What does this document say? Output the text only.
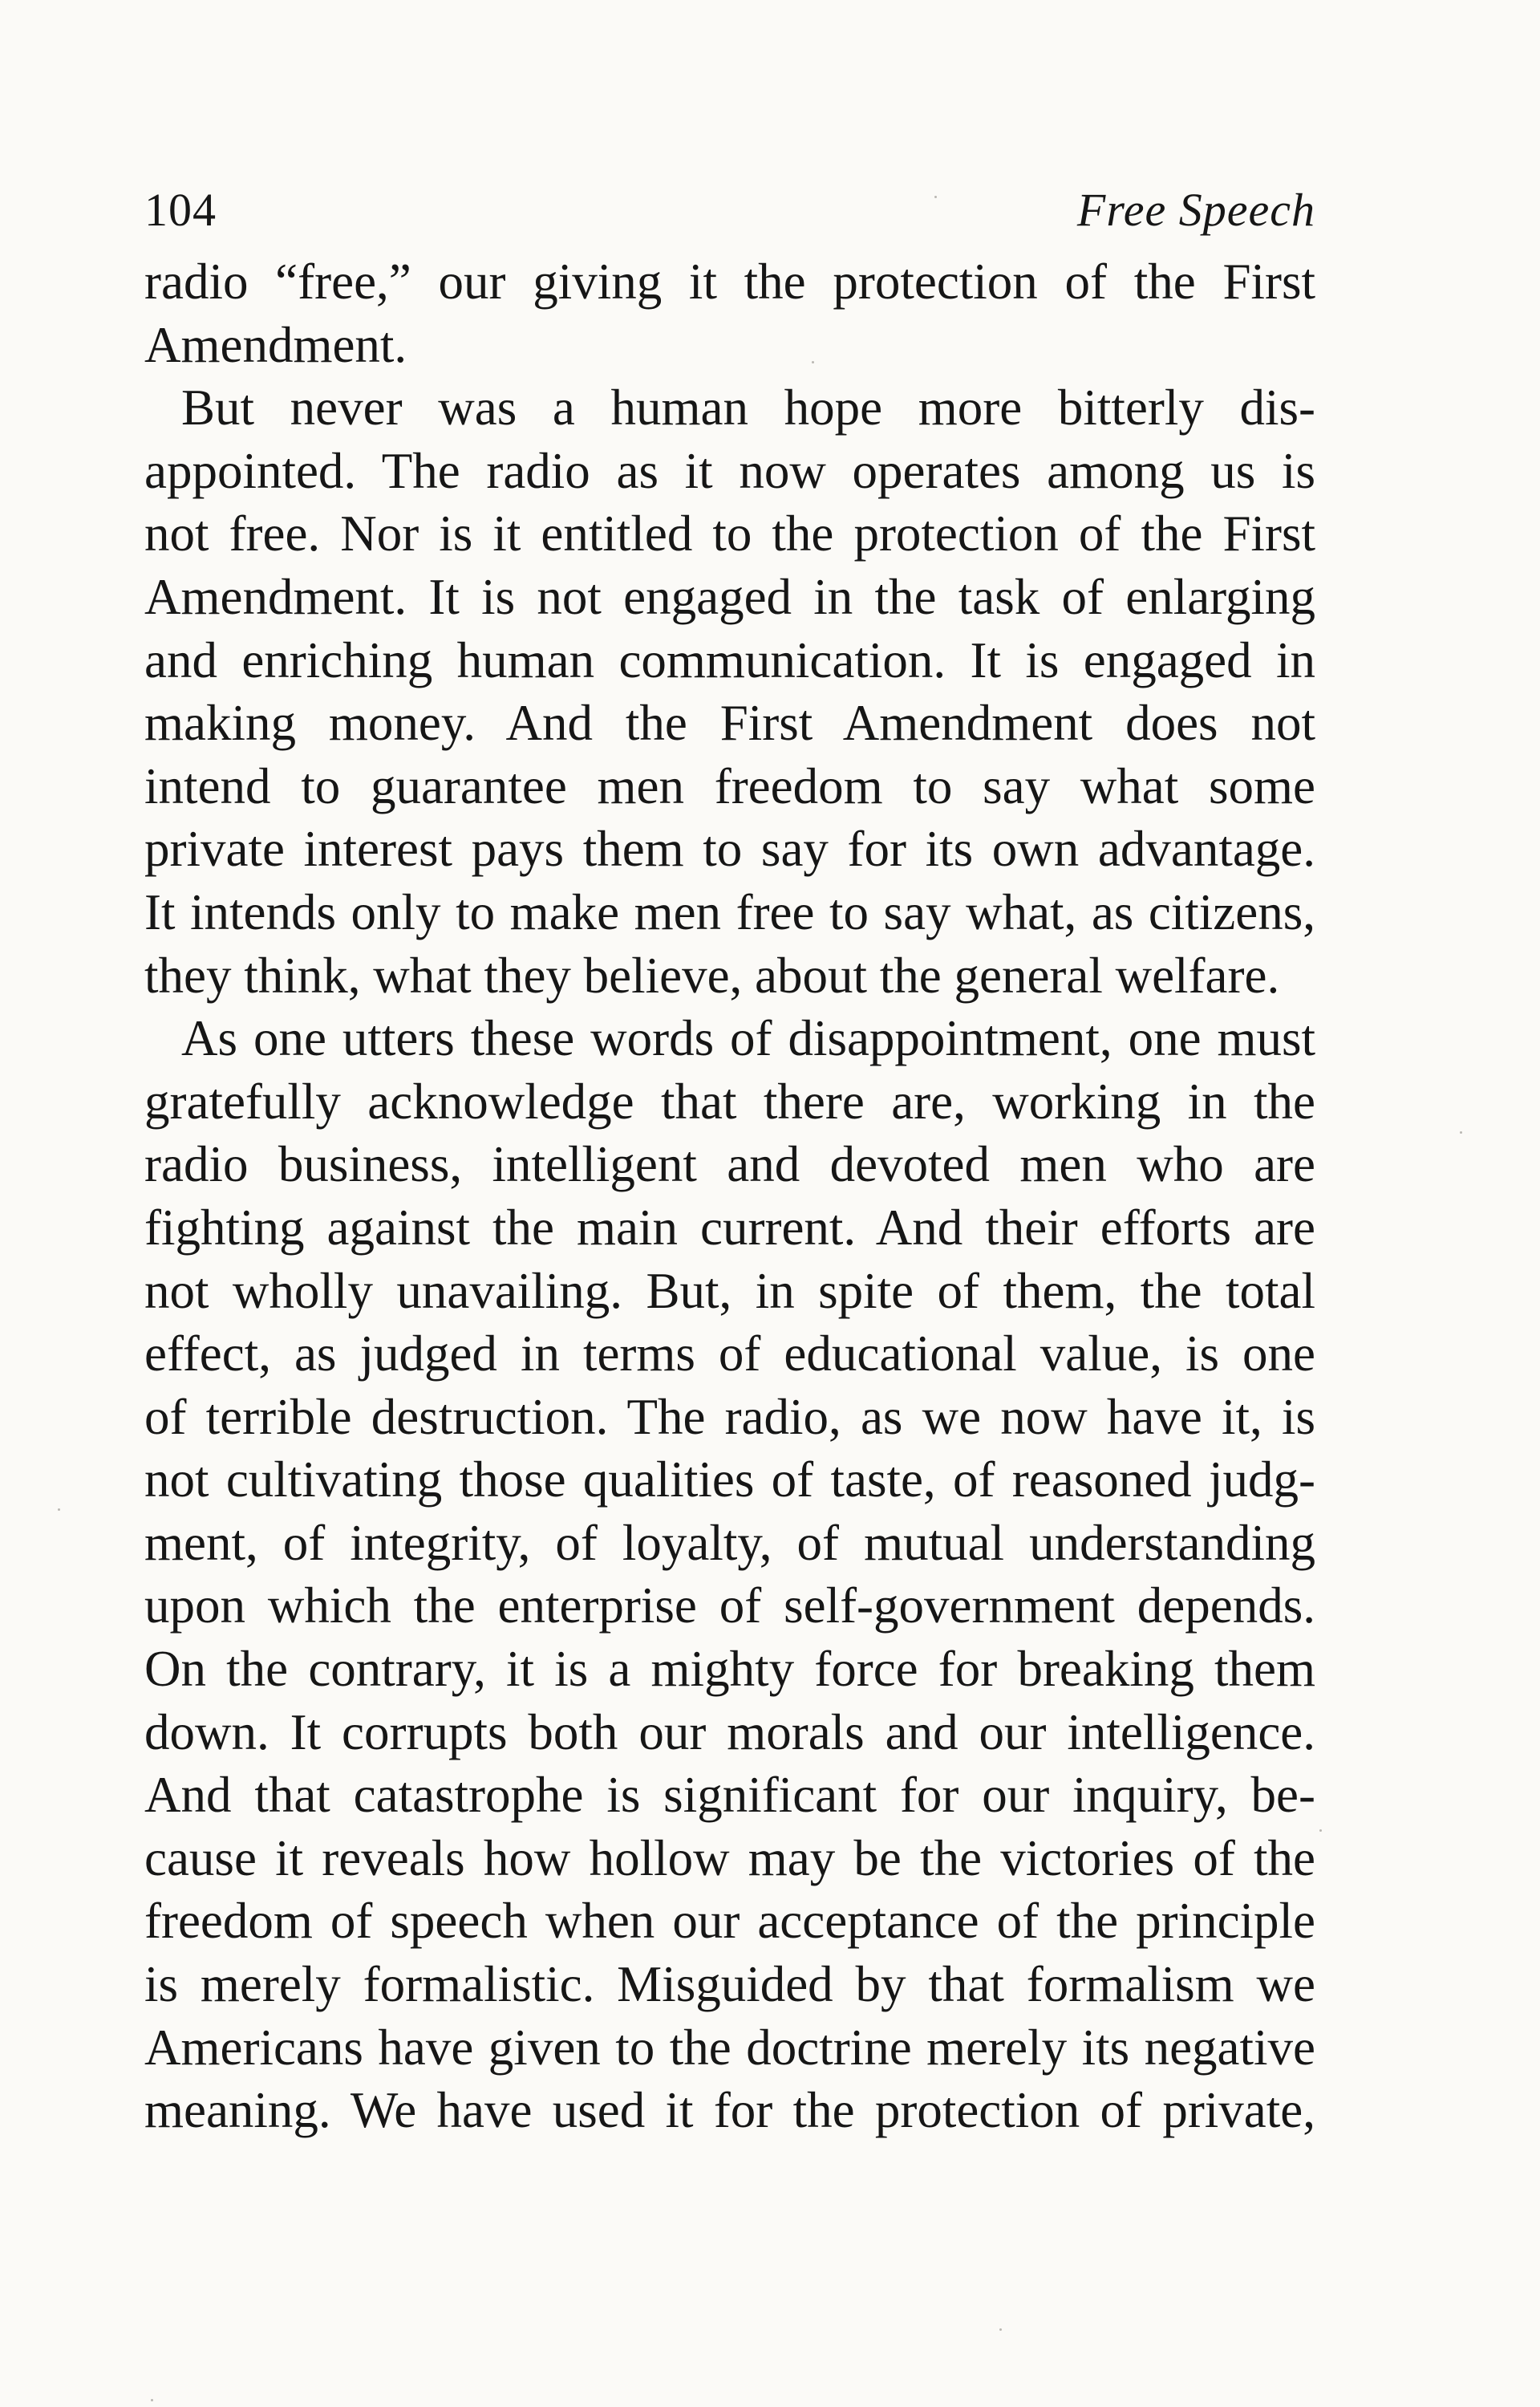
104	Free Speech
radio “free,” our giving it the protection of the First
Amendment.
But never was a human hope more bitterly dis-
appointed. The radio as it now operates among us is
not free. Nor is it entitled to the protection of the First
Amendment. It is not engaged in the task of enlarging
and enriching human communication. It is engaged in
making money. And the First Amendment does not
intend to guarantee men freedom to say what some
private interest pays them to say for its own advantage.
It intends only to make men free to say what, as citizens,
they think, what they believe, about the general welfare.
As one utters these words of disappointment, one must
gratefully acknowledge that there are, working in the
radio business, intelligent and devoted men who are
fighting against the main current. And their efforts are
not wholly unavailing. But, in spite of them, the total
effect, as judged in terms of educational value, is one
of terrible destruction. The radio, as we now have it, is
not cultivating those qualities of taste, of reasoned judg-
ment, of integrity, of loyalty, of mutual understanding
upon which the enterprise of self-government depends.
On the contrary, it is a mighty force for breaking them
down. It corrupts both our morals and our intelligence.
And that catastrophe is significant for our inquiry, be-
cause it reveals how hollow may be the victories of the
freedom of speech when our acceptance of the principle
is merely formalistic. Misguided by that formalism we
Americans have given to the doctrine merely its negative
meaning. We have used it for the protection of private,
